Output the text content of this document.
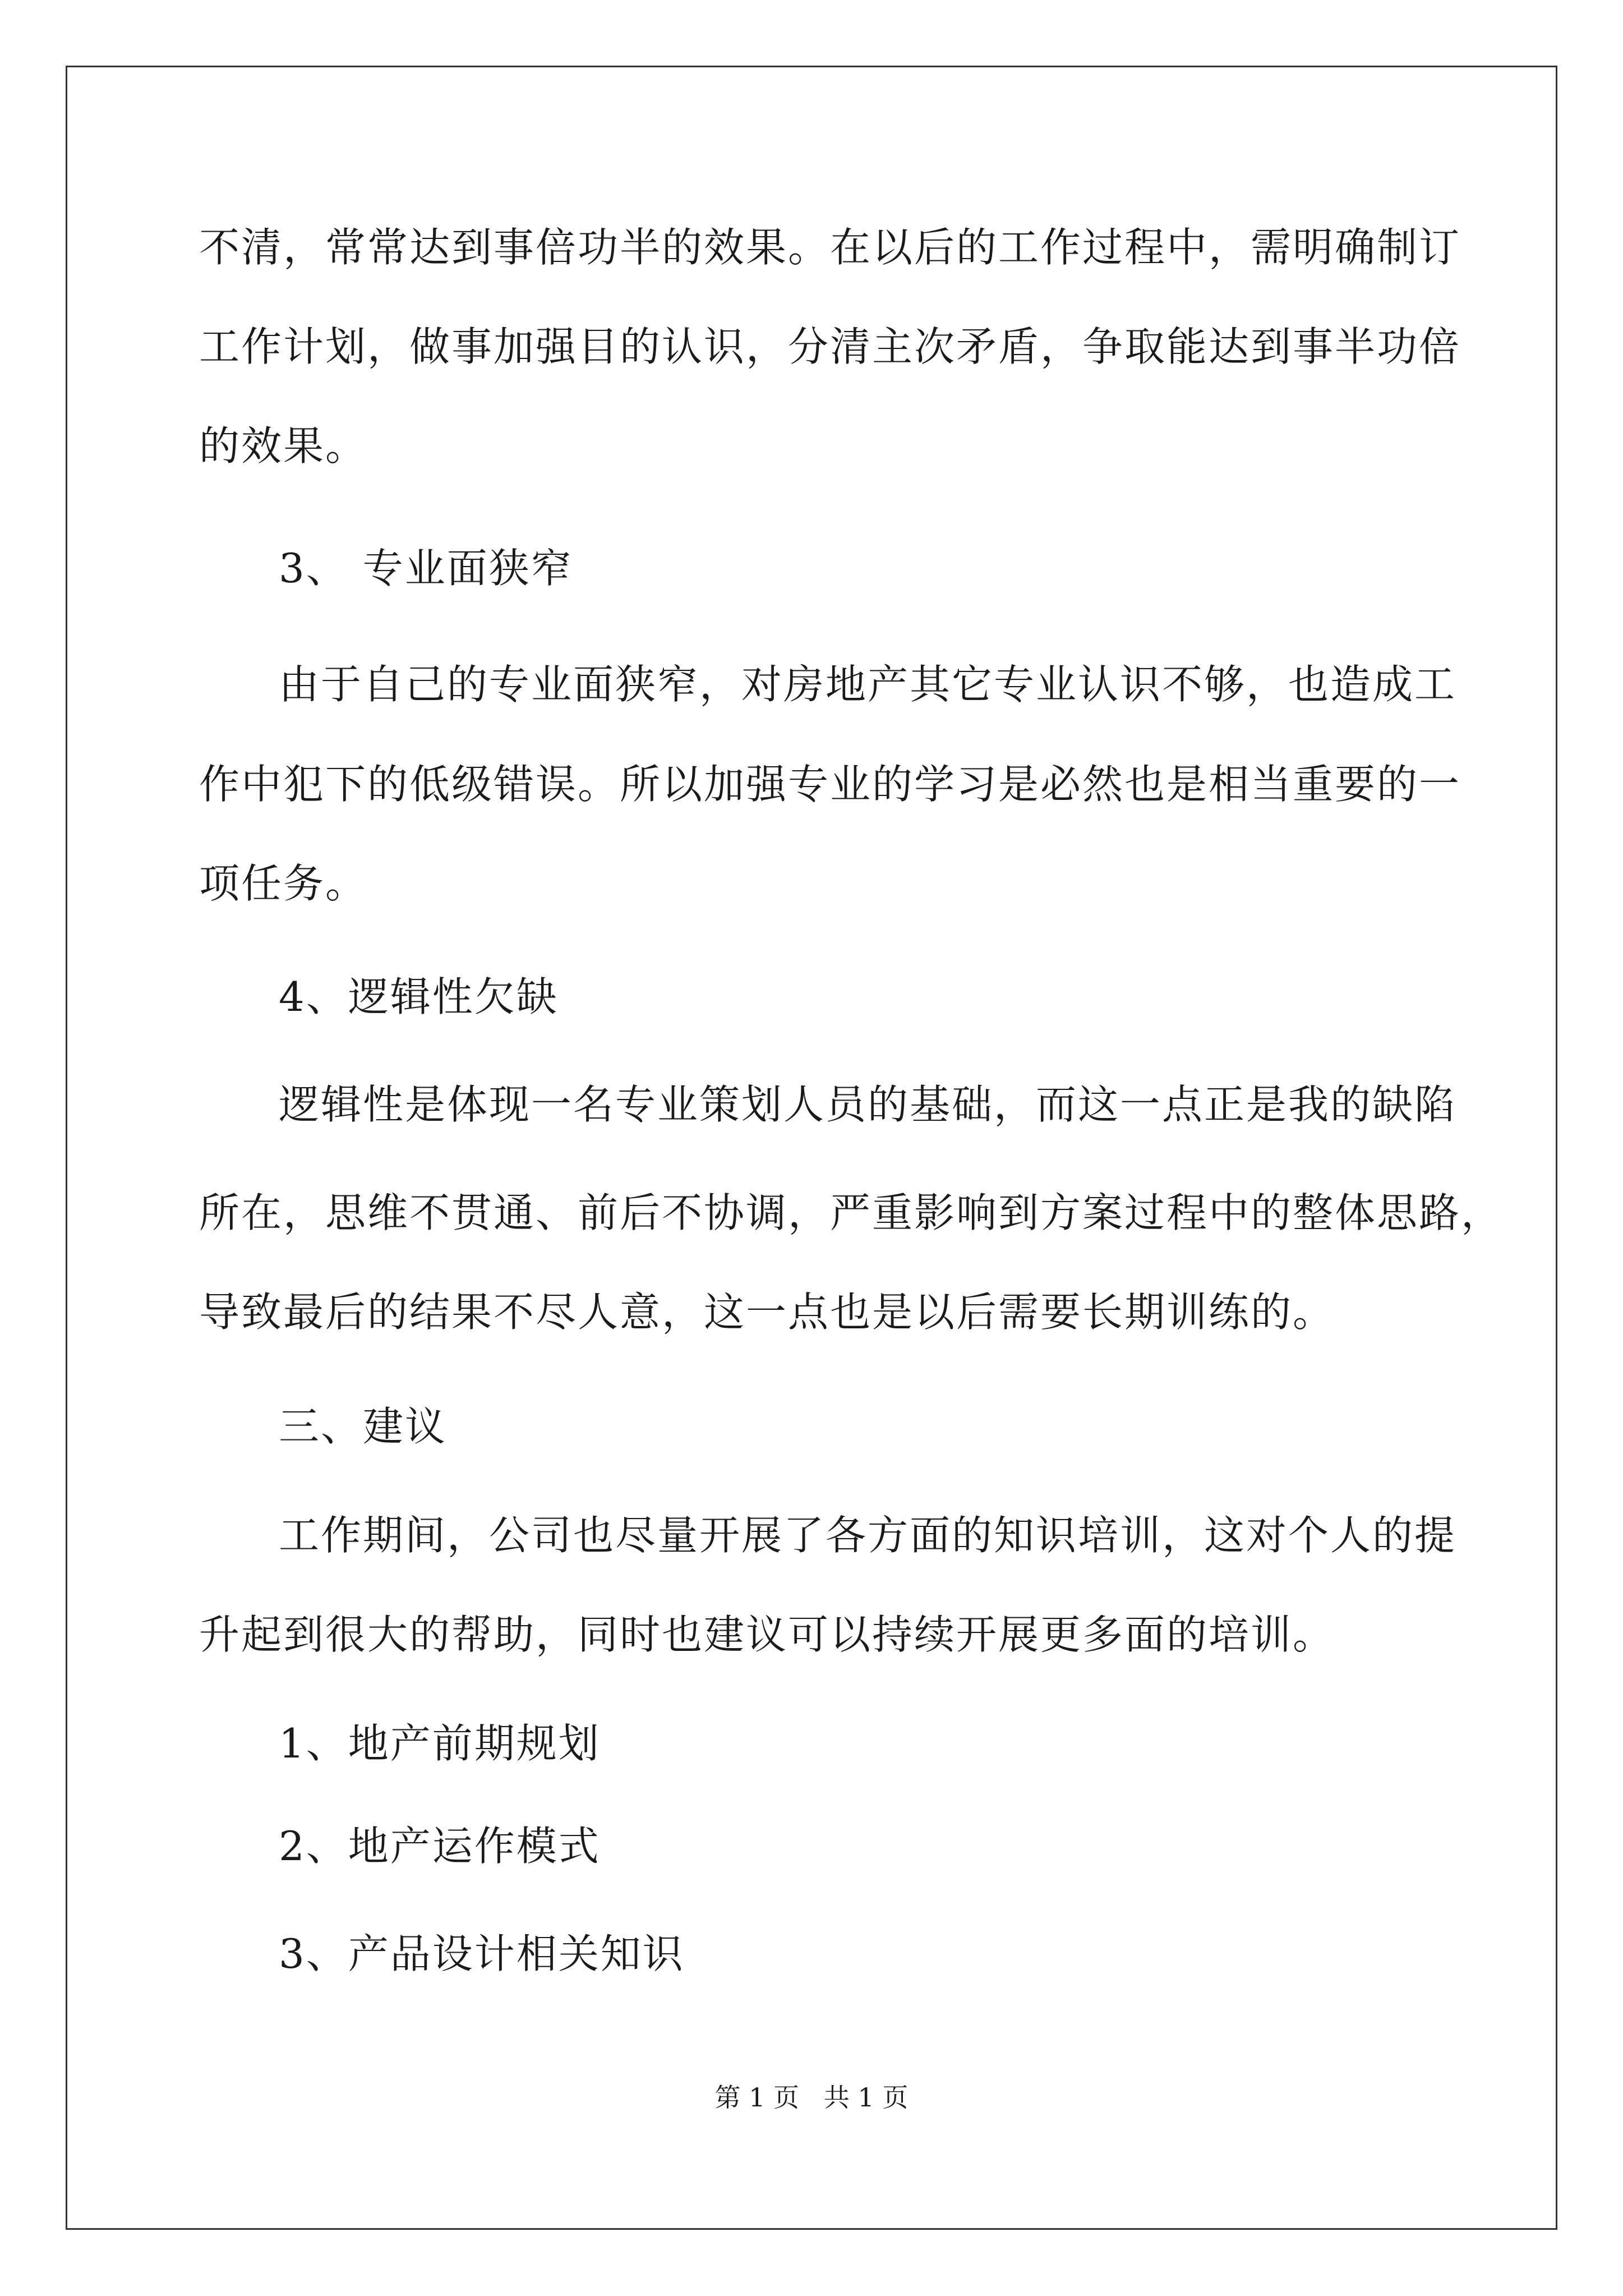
不清，常常达到事倍功半的效果。在以后的工作过程中，需明确制订
工作计划，做事加强目的认识，分清主次矛盾，争取能达到事半功倍
的效果。
3、 专业面狭窄
由于自己的专业面狭窄，对房地产其它专业认识不够，也造成工
作中犯下的低级错误。所以加强专业的学习是必然也是相当重要的一
项任务。
4、逻辑性欠缺
逻辑性是体现一名专业策划人员的基础，而这一点正是我的缺陷
所在，思维不贯通、前后不协调，严重影响到方案过程中的整体思路，
导致最后的结果不尽人意，这一点也是以后需要长期训练的。
三、建议
工作期间，公司也尽量开展了各方面的知识培训，这对个人的提
升起到很大的帮助，同时也建议可以持续开展更多面的培训。
1、地产前期规划
2、地产运作模式
3、产品设计相关知识
第 1 页   共 1 页
